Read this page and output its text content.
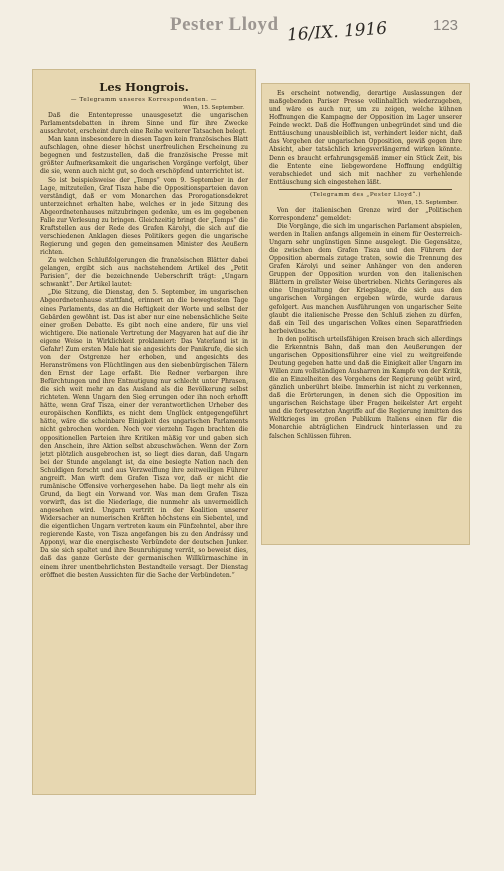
Pester Lloyd 16/IX. 1916	123
Les Hongrois.
— Telegramm unseres Korrespondenten. —
Wien, 15. September.

Daß die Ententepresse unausgesetzt die ungarischen Parlamentsdebatten in ihrem Sinne und für ihre Zwecke ausschrotet, erscheint durch eine Reihe weiterer Tatsachen belegt.

Man kann insbesondere in diesen Tagen kein französisches Blatt aufschlagen, ohne dieser höchst unerfreulichen Erscheinung zu begegnen und festzustellen, daß die französische Presse mit größter Aufmerksamkeit die ungarischen Vorgänge verfolgt, über die sie, wenn auch nicht gut, so doch erschöpfend unterrichtet ist.

So ist beispielsweise der „Temps“ vom 9. September in der Lage, mitzuteilen, Graf Tisza habe die Oppositionsparteien davon verständigt, daß er vom Monarchen das Prorogationsdekret unterzeichnet erhalten habe, welches er in jede Sitzung des Abgeordnetenhauses mitzubringen gedenke, um es im gegebenen Falle zur Verlesung zu bringen. Gleichzeitig bringt der „Temps“ die Kraftstellen aus der Rede des Grafen Károlyi, die sich auf die verschiedenen Anklagen dieses Politikers gegen die ungarische Regierung und gegen den gemeinsamen Minister des Aeußern richten.

Zu welchen Schlußfolgerungen die französischen Blätter dabei gelangen, ergibt sich aus nachstehendem Artikel des „Petit Parisien“, der die bezeichnende Ueberschrift trägt: „Ungarn schwankt“. Der Artikel lautet:

„Die Sitzung, die Dienstag, den 5. September, im ungarischen Abgeordnetenhause stattfand, erinnert an die bewegtesten Tage eines Parlaments, das an die Heftigkeit der Worte und selbst der Gebärden gewöhnt ist. Das ist aber nur eine nebensächliche Seite einer großen Debatte. Es gibt noch eine andere, für uns viel wichtigere. Die nationale Vertretung der Magyaren hat auf die ihr eigene Weise in Wirklichkeit proklamiert: Das Vaterland ist in Gefahr! Zum ersten Male hat sie angesichts der Panikrufe, die sich von der Ostgrenze her erhoben, und angesichts des Heranströmens von Flüchtlingen aus den siebenbürgischen Tälern den Ernst der Lage erfaßt. Die Redner verbargen ihre Befürchtungen und ihre Entmutigung nur schlecht unter Phrasen, die sich weit mehr an das Ausland als die Bevölkerung selbst richteten. Wenn Ungarn den Sieg errungen oder ihn noch erhofft hätte, wenn Graf Tisza, einer der verantwortlichen Urheber des europäischen Konflikts, es nicht dem Unglück entgegengeführt hätte, wäre die scheinbare Einigkeit des ungarischen Parlaments nicht gebrochen worden. Noch vor vierzehn Tagen brachten die oppositionellen Parteien ihre Kritiken mäßig vor und gaben sich den Anschein, ihre Aktion selbst abzuschwächen. Wenn der Zorn jetzt plötzlich ausgebrochen ist, so liegt dies daran, daß Ungarn bei der Stunde angelangt ist, da eine besiegte Nation nach den Schuldigen forscht und aus Verzweiflung ihre zeitweiligen Führer angreift. Man wirft dem Grafen Tisza vor, daß er nicht die rumänische Offensive vorhergesehen habe. Da liegt mehr als ein Grund, da liegt ein Vorwand vor. Was man dem Grafen Tisza vorwirft, das ist die Niederlage, die nunmehr als unvermeidlich angesehen wird. Ungarn vertritt in der Koalition unserer Widersacher an numerischen Kräften höchstens ein Siebentel, und die eigentlichen Ungarn vertreten kaum ein Fünfzehntel, aber ihre regierende Kaste, von Tisza angefangen bis zu den Andrássy und Apponyi, war die energischeste Verbündete der deutschen Junker. Da sie sich spaltet und ihre Beunruhigung verrät, so beweist dies, daß das ganze Gerüste der germanischen Willkürmaschine in einem ihrer unentbehrlichsten Bestandteile versagt. Der Dienstag eröffnet die besten Aussichten für die Sache der Verbündeten.“

Es erscheint notwendig, derartige Auslassungen der maßgebenden Pariser Presse vollinhaltlich wiederzugeben, und wäre es auch nur, um zu zeigen, welche kühnen Hoffnungen die Kampagne der Opposition im Lager unserer Feinde weckt. Daß die Hoffnungen unbegründet sind und die Enttäuschung unausbleiblich ist, verhindert leider nicht, daß das Vorgehen der ungarischen Opposition, gewiß gegen ihre Absicht, aber tatsächlich kriegsverlängernd wirken könnte. Denn es braucht erfahrungsgemäß immer ein Stück Zeit, bis die Entente eine liebgewordene Hoffnung endgültig verabschiedet und sich mit nachher zu verhehlende Enttäuschung sich eingestehen läßt.

(Telegramm des „Pester Lloyd“.)
Wien, 15. September.

Von der italienischen Grenze wird der „Politischen Korrespondenz“ gemeldet:

Die Vorgänge, die sich im ungarischen Parlament abspielen, werden in Italien anfangs allgemein in einem für Oesterreich-Ungarn sehr ungünstigen Sinne ausgelegt. Die Gegensätze, die zwischen dem Grafen Tisza und den Führern der Opposition abermals zutage traten, sowie die Trennung des Grafen Károlyi und seiner Anhänger von den anderen Gruppen der Opposition wurden von den italienischen Blättern in grellster Weise übertrieben. Nichts Geringeres als eine Umgestaltung der Kriegslage, die sich aus den ungarischen Vorgängen ergeben würde, wurde daraus gefolgert. Aus manchen Ausführungen von ungarischer Seite glaubt die italienische Presse den Schluß ziehen zu dürfen, daß ein Teil des ungarischen Volkes einen Separatfrieden herbeiwünsche.

In den politisch urteilsfähigen Kreisen brach sich allerdings die Erkenntnis Bahn, daß man den Aeußerungen der ungarischen Oppositionsführer eine viel zu weitgreifende Deutung gegeben hatte und daß die Einigkeit aller Ungarn im Willen zum vollständigen Ausharren im Kampfe von der Kritik, die an Einzelheiten des Vorgehens der Regierung geübt wird, gänzlich unberührt bleibe. Immerhin ist nicht zu verkennen, daß die Erörterungen, in denen sich die Opposition im ungarischen Reichstage über Fragen heikelster Art ergeht und die fortgesetzten Angriffe auf die Regierung inmitten des Weltkrieges im großen Publikum Italiens einen für die Monarchie abträglichen Eindruck hinterlassen und zu falschen Schlüssen führen.
